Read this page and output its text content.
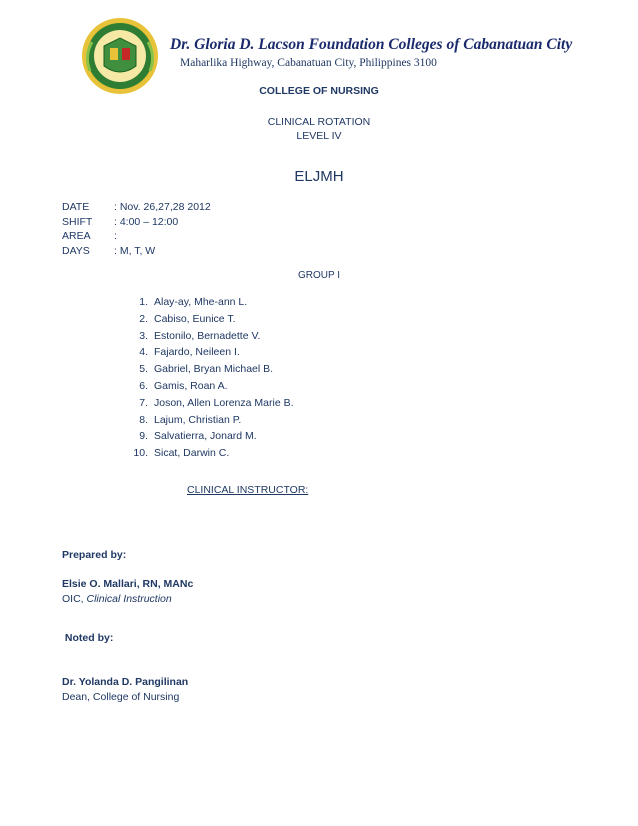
Dr. Gloria D. Lacson Foundation Colleges of Cabanatuan City
Maharlika Highway, Cabanatuan City, Philippines 3100
COLLEGE OF NURSING
CLINICAL ROTATION
LEVEL IV
ELJMH
DATE	: Nov. 26,27,28 2012
SHIFT	: 4:00 – 12:00
AREA	:
DAYS	: M, T, W
GROUP I
1. Alay-ay, Mhe-ann L.
2. Cabiso, Eunice T.
3. Estonilo, Bernadette V.
4. Fajardo, Neileen I.
5. Gabriel, Bryan Michael B.
6. Gamis, Roan A.
7. Joson, Allen Lorenza Marie B.
8. Lajum, Christian P.
9. Salvatierra, Jonard M.
10. Sicat, Darwin C.
CLINICAL INSTRUCTOR:
Prepared by:
Elsie O. Mallari, RN, MANc
OIC, Clinical Instruction
Noted by:
Dr. Yolanda D. Pangilinan
Dean, College of Nursing
